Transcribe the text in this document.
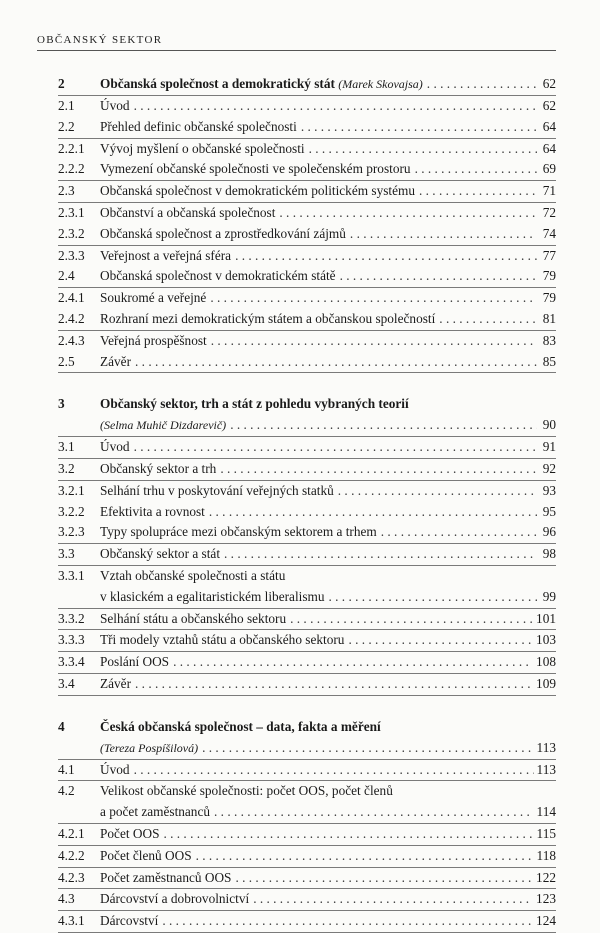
OBČANSKÝ SEKTOR
2	Občanská společnost a demokratický stát (Marek Skovajsa) . . .	62
2.1 Úvod . . .	62
2.2 Přehled definic občanské společnosti . . .	64
2.2.1 Vývoj myšlení o občanské společnosti . . .	64
2.2.2 Vymezení občanské společnosti ve společenském prostoru . . .	69
2.3 Občanská společnost v demokratickém politickém systému . . .	71
2.3.1 Občanství a občanská společnost . . .	72
2.3.2 Občanská společnost a zprostředkování zájmů . . .	74
2.3.3 Veřejnost a veřejná sféra . . .	77
2.4 Občanská společnost v demokratickém státě . . .	79
2.4.1 Soukromé a veřejné . . .	79
2.4.2 Rozhraní mezi demokratickým státem a občanskou společností . . .	81
2.4.3 Veřejná prospěšnost . . .	83
2.5 Závěr . . .	85
3	Občanský sektor, trh a stát z pohledu vybraných teorií
(Selma Muhič Dizdarevič) . . .	90
3.1 Úvod . . .	91
3.2 Občanský sektor a trh . . .	92
3.2.1 Selhání trhu v poskytování veřejných statků . . .	93
3.2.2 Efektivita a rovnost . . .	95
3.2.3 Typy spolupráce mezi občanským sektorem a trhem . . .	96
3.3 Občanský sektor a stát . . .	98
3.3.1 Vztah občanské společnosti a státu
v klasickém a egalitaristickém liberalismu . . .	99
3.3.2 Selhání státu a občanského sektoru . . .	101
3.3.3 Tři modely vztahů státu a občanského sektoru . . .	103
3.3.4 Poslání OOS . . .	108
3.4 Závěr . . .	109
4	Česká občanská společnost – data, fakta a měření
(Tereza Pospíšilová) . . .	113
4.1 Úvod . . .	113
4.2 Velikost občanské společnosti: počet OOS, počet členů
a počet zaměstnanců . . .	114
4.2.1 Počet OOS . . .	115
4.2.2 Počet členů OOS . . .	118
4.2.3 Počet zaměstnanců OOS . . .	122
4.3 Dárcovství a dobrovolnictví . . .	123
4.3.1 Dárcovství . . .	124
